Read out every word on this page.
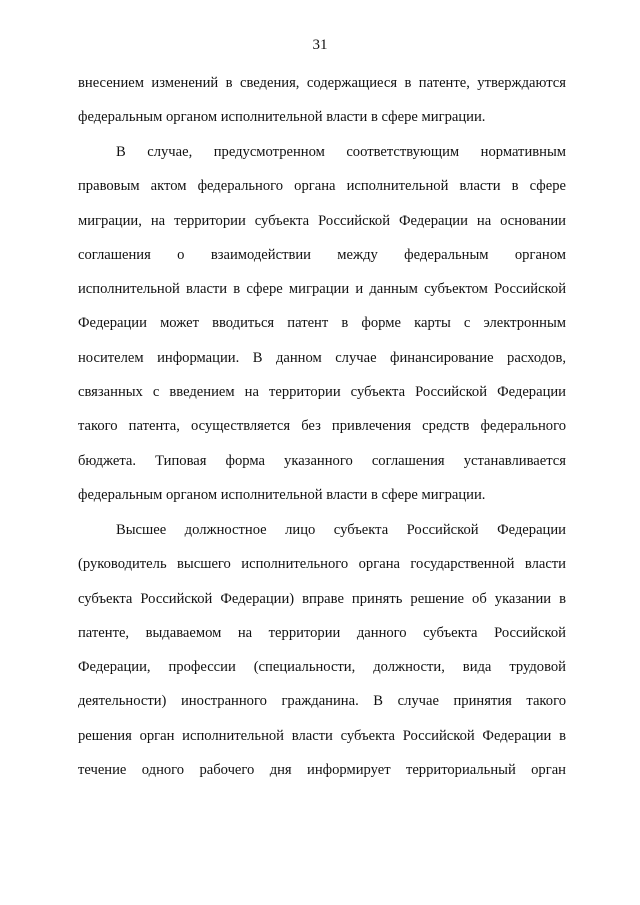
31
внесением изменений в сведения, содержащиеся в патенте, утверждаются
федеральным органом исполнительной власти в сфере миграции.
В случае, предусмотренном соответствующим нормативным
правовым актом федерального органа исполнительной власти в сфере
миграции, на территории субъекта Российской Федерации на основании
соглашения о взаимодействии между федеральным органом
исполнительной власти в сфере миграции и данным субъектом Российской
Федерации может вводиться патент в форме карты с электронным
носителем информации. В данном случае финансирование расходов,
связанных с введением на территории субъекта Российской Федерации
такого патента, осуществляется без привлечения средств федерального
бюджета. Типовая форма указанного соглашения устанавливается
федеральным органом исполнительной власти в сфере миграции.
Высшее должностное лицо субъекта Российской Федерации
(руководитель высшего исполнительного органа государственной власти
субъекта Российской Федерации) вправе принять решение об указании в
патенте, выдаваемом на территории данного субъекта Российской
Федерации, профессии (специальности, должности, вида трудовой
деятельности) иностранного гражданина. В случае принятия такого
решения орган исполнительной власти субъекта Российской Федерации в
течение одного рабочего дня информирует территориальный орган
